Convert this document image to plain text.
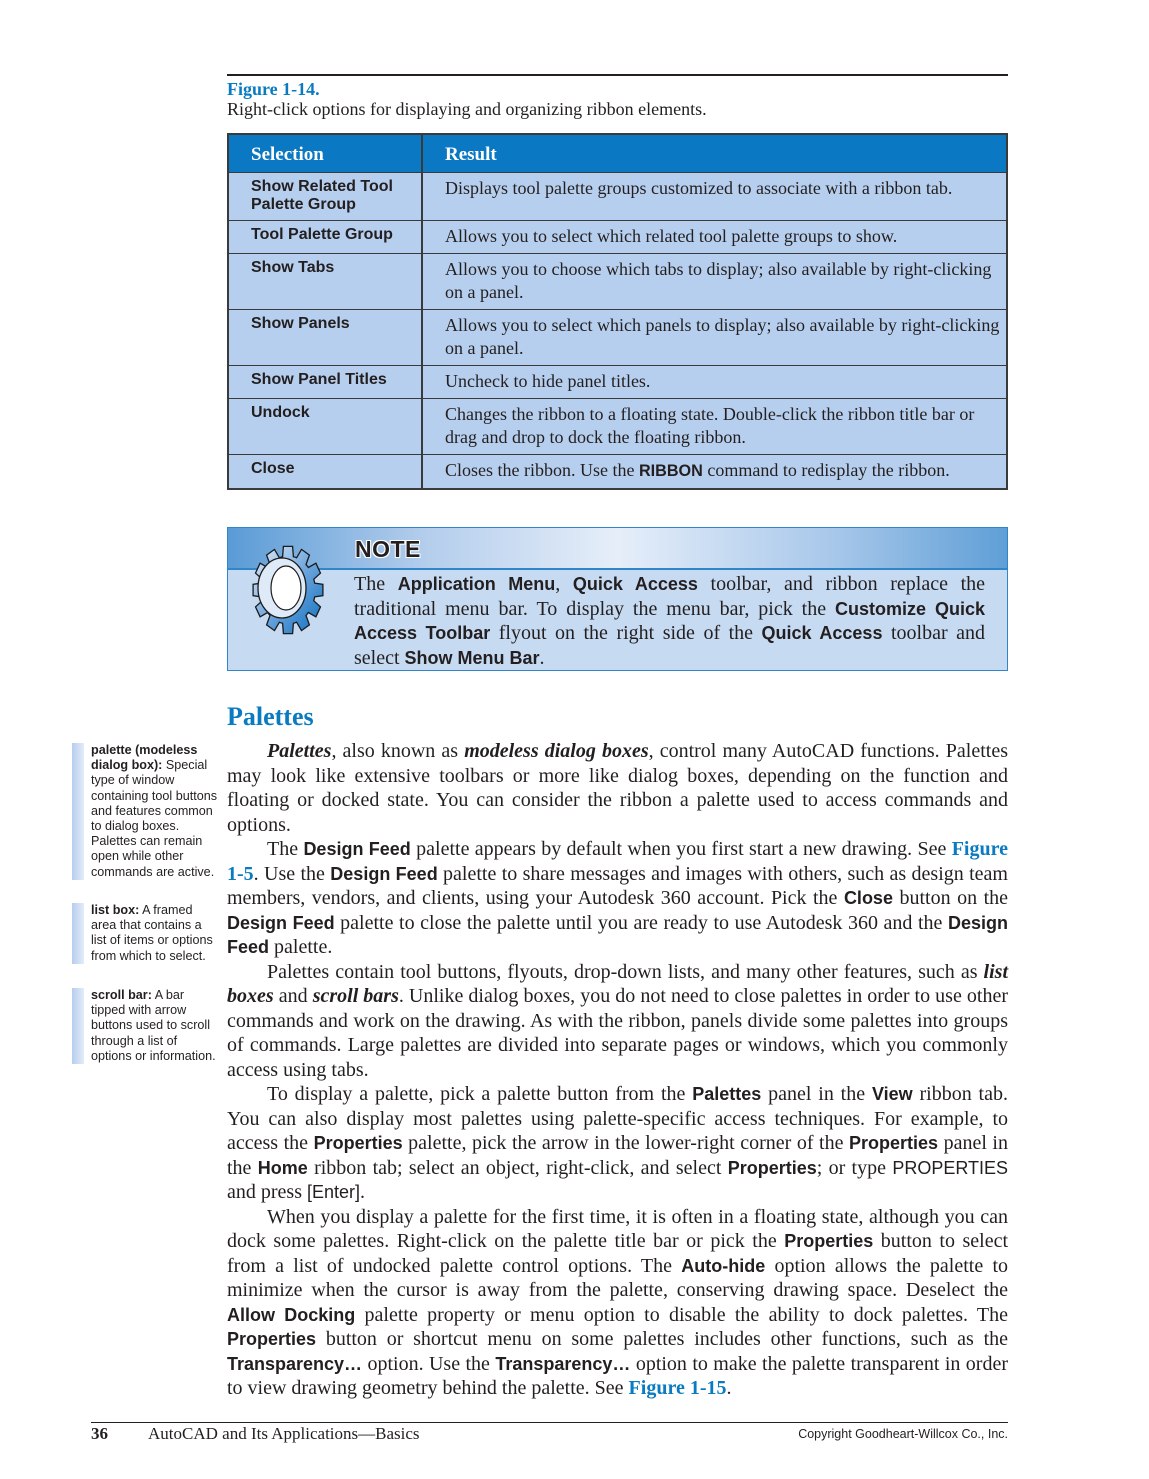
Figure 1-14.
Right-click options for displaying and organizing ribbon elements.
Selection	Result
Show Related Tool Palette Group	Displays tool palette groups customized to associate with a ribbon tab.
Tool Palette Group	Allows you to select which related tool palette groups to show.
Show Tabs	Allows you to choose which tabs to display; also available by right-clicking on a panel.
Show Panels	Allows you to select which panels to display; also available by right-clicking on a panel.
Show Panel Titles	Uncheck to hide panel titles.
Undock	Changes the ribbon to a floating state. Double-click the ribbon title bar or drag and drop to dock the floating ribbon.
Close	Closes the ribbon. Use the RIBBON command to redisplay the ribbon.
NOTE
The Application Menu, Quick Access toolbar, and ribbon replace the traditional menu bar. To display the menu bar, pick the Customize Quick Access Toolbar flyout on the right side of the Quick Access toolbar and select Show Menu Bar.
Palettes

Palettes, also known as modeless dialog boxes, control many AutoCAD functions. Palettes may look like extensive toolbars or more like dialog boxes, depending on the function and floating or docked state. You can consider the ribbon a palette used to access commands and options.

The Design Feed palette appears by default when you first start a new drawing. See Figure 1-5. Use the Design Feed palette to share messages and images with others, such as design team members, vendors, and clients, using your Autodesk 360 account. Pick the Close button on the Design Feed palette to close the palette until you are ready to use Autodesk 360 and the Design Feed palette.

Palettes contain tool buttons, flyouts, drop-down lists, and many other features, such as list boxes and scroll bars. Unlike dialog boxes, you do not need to close palettes in order to use other commands and work on the drawing. As with the ribbon, panels divide some palettes into groups of commands. Large palettes are divided into separate pages or windows, which you commonly access using tabs.

To display a palette, pick a palette button from the Palettes panel in the View ribbon tab. You can also display most palettes using palette-specific access techniques. For example, to access the Properties palette, pick the arrow in the lower-right corner of the Properties panel in the Home ribbon tab; select an object, right-click, and select Properties; or type PROPERTIES and press [Enter].

When you display a palette for the first time, it is often in a floating state, although you can dock some palettes. Right-click on the palette title bar or pick the Properties button to select from a list of undocked palette control options. The Auto-hide option allows the palette to minimize when the cursor is away from the palette, conserving drawing space. Deselect the Allow Docking palette property or menu option to disable the ability to dock palettes. The Properties button or shortcut menu on some palettes includes other functions, such as the Transparency… option. Use the Transparency… option to make the palette transparent in order to view drawing geometry behind the palette. See Figure 1-15.

palette (modeless dialog box): Special type of window containing tool buttons and features common to dialog boxes. Palettes can remain open while other commands are active.
list box: A framed area that contains a list of items or options from which to select.
scroll bar: A bar tipped with arrow buttons used to scroll through a list of options or information.
36 AutoCAD and Its Applications—Basics	Copyright Goodheart-Willcox Co., Inc.
